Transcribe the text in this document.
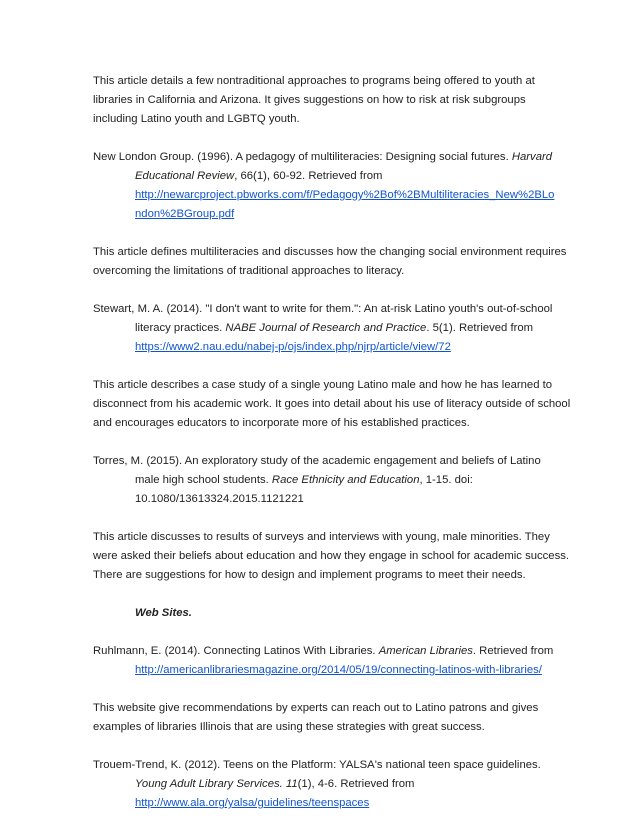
This article details a few nontraditional approaches to programs being offered to youth at libraries in California and Arizona. It gives suggestions on how to risk at risk subgroups including Latino youth and LGBTQ youth.

New London Group. (1996). A pedagogy of multiliteracies: Designing social futures. Harvard
Educational Review, 66(1), 60-92. Retrieved from
http://newarcproject.pbworks.com/f/Pedagogy%2Bof%2BMultiliteracies_New%2BLo
ndon%2BGroup.pdf

This article defines multiliteracies and discusses how the changing social environment requires overcoming the limitations of traditional approaches to literacy.

Stewart, M. A. (2014). "I don't want to write for them.": An at-risk Latino youth's out-of-school
literacy practices. NABE Journal of Research and Practice. 5(1). Retrieved from
https://www2.nau.edu/nabej-p/ojs/index.php/njrp/article/view/72

This article describes a case study of a single young Latino male and how he has learned to disconnect from his academic work. It goes into detail about his use of literacy outside of school and encourages educators to incorporate more of his established practices.

Torres, M. (2015). An exploratory study of the academic engagement and beliefs of Latino
male high school students. Race Ethnicity and Education, 1-15. doi:
10.1080/13613324.2015.1121221

This article discusses to results of surveys and interviews with young, male minorities. They were asked their beliefs about education and how they engage in school for academic success. There are suggestions for how to design and implement programs to meet their needs.

Web Sites.

Ruhlmann, E. (2014). Connecting Latinos With Libraries. American Libraries. Retrieved from
http://americanlibrariesmagazine.org/2014/05/19/connecting-latinos-with-libraries/

This website give recommendations by experts can reach out to Latino patrons and gives examples of libraries Illinois that are using these strategies with great success.

Trouem-Trend, K. (2012). Teens on the Platform: YALSA's national teen space guidelines.
Young Adult Library Services. 11(1), 4-6. Retrieved from
http://www.ala.org/yalsa/guidelines/teenspaces
